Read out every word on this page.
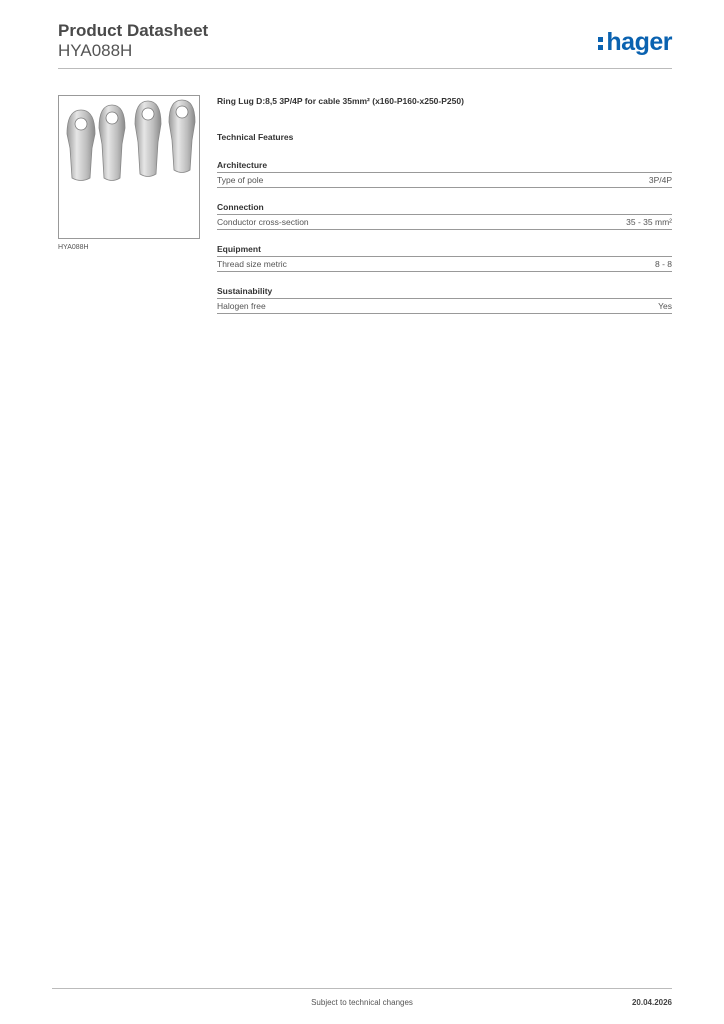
Product Datasheet
HYA088H	hager
HYA088H
Ring Lug D:8,5 3P/4P for cable 35mm² (x160-P160-x250-P250)
Technical Features
Architecture
Type of pole	3P/4P
Connection
Conductor cross-section	35 - 35 mm²
Equipment
Thread size metric	8 - 8
Sustainability
Halogen free	Yes
Subject to technical changes	20.04.2026
